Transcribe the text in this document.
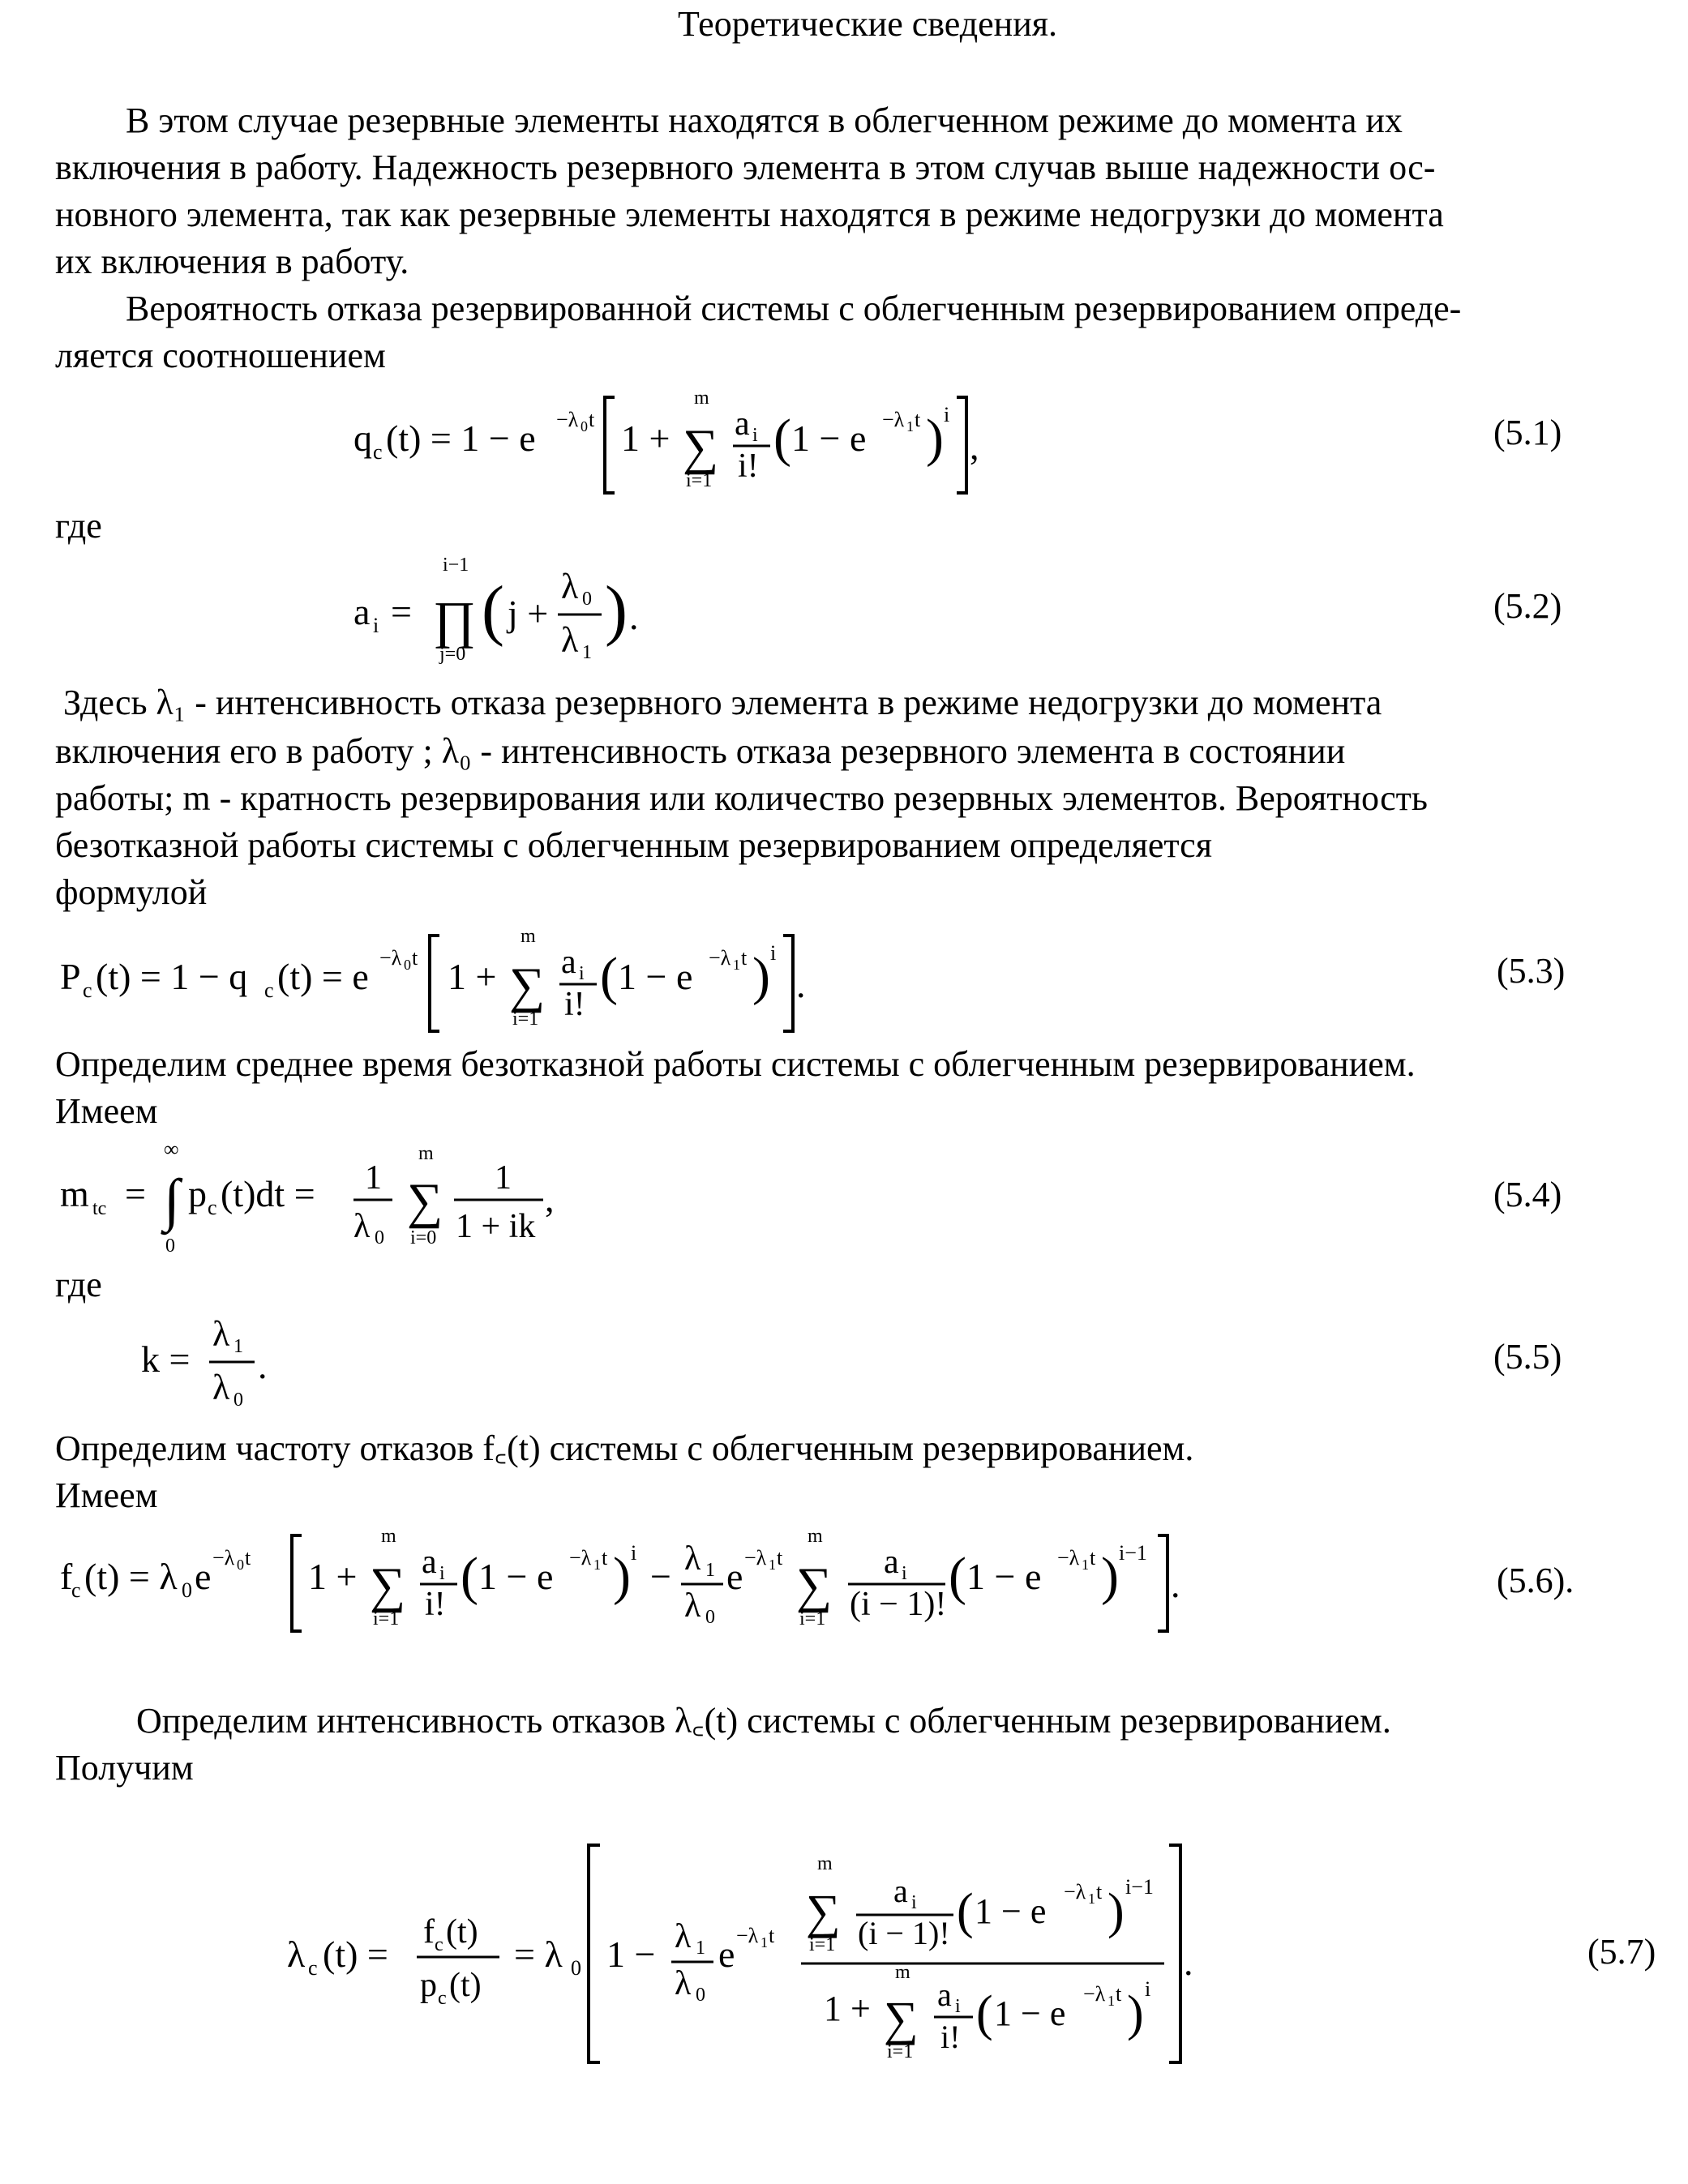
Теоретические сведения.
В этом случае резервные элементы находятся в облегченном режиме до момента их
включения в работу. Надежность резервного элемента в этом случав выше надежности ос-
новного элемента, так как резервные элементы находятся в режиме недогрузки до момента
их включения в работу.
Вероятность отказа резервированной системы с облегченным резервированием опреде-
ляется соотношением
q c (t) = 1 − e −λ 0 t 1 + ∑
m
i=1
a i
i! ( 1 − e −λ 1 t ) i
,	(5.1)
где
a i = ∏
i−1
j=0
( j +
λ 0
λ 1
) .	(5.2)
Здесь λ₁ - интенсивность отказа резервного элемента в режиме недогрузки до момента
включения его в работу ; λ₀ - интенсивность отказа резервного элемента в состоянии
работы; m - кратность резервирования или количество резервных элементов. Вероятность
безотказной работы системы с облегченным резервированием определяется
формулой
P c (t) = 1 − q c (t) = e −λ 0 t 1 + ∑
m
i=1
a i
i! ( 1 − e −λ 1 t ) i
.	(5.3)
Определим среднее время безотказной работы системы с облегченным резервированием.
Имеем
m tc = ∫
∞
0
p c (t)dt = 1
λ 0
∑
m
i=0
1
1 + ik
,	(5.4)
где
k =
λ 1
λ 0
.	(5.5)
Определим частоту отказов f꜀(t) системы с облегченным резервированием.
Имеем
f
c (t) = λ 0 e −λ 0 t 1 + ∑
m
i=1
a i
i! ( 1 − e −λ 1 t ) i
− λ 1
λ 0
e −λ 1 t
∑
m
i=1
a i
(i − 1)! ( 1 − e −λ 1 t ) i−1
.	(5.6).
Определим интенсивность отказов λ꜀(t) системы с облегченным резервированием.
Получим
λ c (t) =
f c (t)
p c (t)
= λ 0 1 − λ 1
λ 0
e −λ 1 t ∑
m
i=1
a i
(i − 1)! ( 1 − e −λ 1 t ) i−1
1 + ∑
m
i=1
a i
i! ( 1 − e −λ 1 t ) i
.	(5.7)
